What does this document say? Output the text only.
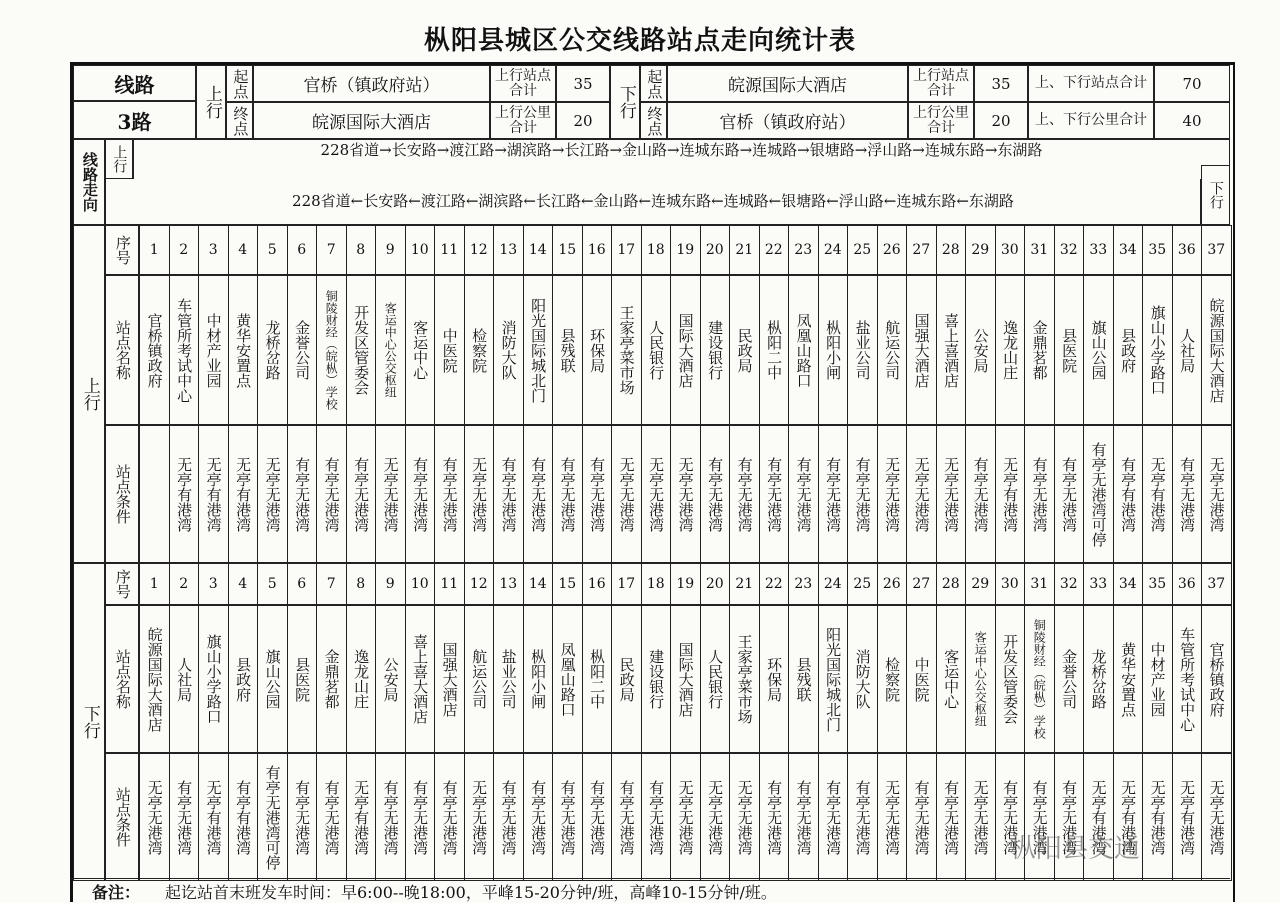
枞阳县城区公交线路站点走向统计表
线路
3路
上行
起点
终点
官桥（镇政府站）
皖源国际大酒店
上行站点合计
上行公里合计
35
20
下行
起点
终点
皖源国际大酒店
官桥（镇政府站）
上行站点合计
上行公里合计
35
20
上、下行站点合计
上、下行公里合计
70
40
线路走向 上行	228省道→长安路→渡江路→湖滨路→长江路→金山路→连城东路→连城路→银塘路→浮山路→连城东路→东湖路
228省道←长安路←渡江路←湖滨路←长江路←金山路←连城东路←连城路←银塘路←浮山路←连城东路←东湖路	下行
上行
序号
站点名称
站点条件
1
官桥镇政府
2
车管所考试中心
无亭有港湾
3
中材产业园
无亭有港湾
4
黄华安置点
无亭有港湾
5
龙桥岔路
无亭无港湾
6
金誉公司
有亭无港湾
7
铜陵财经（皖枞）学校
有亭无港湾
8
开发区管委会
有亭无港湾
9
客运中心公交枢纽
无亭无港湾
10
客运中心
有亭无港湾
11
中医院
有亭无港湾
12
检察院
无亭无港湾
13
消防大队
有亭无港湾
14
阳光国际城北门
有亭无港湾
15
县残联
有亭无港湾
16
环保局
有亭无港湾
17
王家亭菜市场
无亭无港湾
18
人民银行
无亭无港湾
19
国际大酒店
无亭无港湾
20
建设银行
有亭无港湾
21
民政局
有亭无港湾
22
枞阳二中
有亭无港湾
23
凤凰山路口
有亭无港湾
24
枞阳小闸
有亭无港湾
25
盐业公司
有亭无港湾
26
航运公司
无亭无港湾
27
国强大酒店
无亭无港湾
28
喜上喜酒店
无亭无港湾
29
公安局
有亭无港湾
30
逸龙山庄
无亭有港湾
31
金鼎茗都
有亭无港湾
32
县医院
有亭无港湾
33
旗山公园
有亭无港湾可停
34
县政府
有亭有港湾
35
旗山小学路口
无亭有港湾
36
人社局
有亭无港湾
37
皖源国际大酒店
无亭无港湾
下行
序号
站点名称
站点条件
1
皖源国际大酒店
无亭无港湾
2
人社局
有亭无港湾
3
旗山小学路口
无亭有港湾
4
县政府
有亭有港湾
5
旗山公园
有亭无港湾可停
6
县医院
有亭无港湾
7
金鼎茗都
有亭无港湾
8
逸龙山庄
无亭有港湾
9
公安局
有亭无港湾
10
喜上喜大酒店
有亭无港湾
11
国强大酒店
有亭无港湾
12
航运公司
无亭无港湾
13
盐业公司
有亭无港湾
14
枞阳小闸
有亭无港湾
15
凤凰山路口
有亭无港湾
16
枞阳二中
有亭无港湾
17
民政局
有亭无港湾
18
建设银行
有亭无港湾
19
国际大酒店
无亭无港湾
20
人民银行
无亭无港湾
21
王家亭菜市场
无亭无港湾
22
环保局
有亭无港湾
23
县残联
有亭无港湾
24
阳光国际城北门
有亭无港湾
25
消防大队
有亭无港湾
26
检察院
无亭无港湾
27
中医院
有亭无港湾
28
客运中心
有亭无港湾
29
客运中心公交枢纽
无亭无港湾
30
开发区管委会
有亭无港湾
31
铜陵财经（皖枞）学校
有亭无港湾
32
金誉公司
有亭无港湾
33
龙桥岔路
无亭有港湾
34
黄华安置点
无亭有港湾
35
中材产业园
无亭有港湾
36
车管所考试中心
无亭有港湾
37
官桥镇政府
无亭无港湾
备注： 起讫站首末班发车时间：早6:00--晚18:00，平峰15-20分钟/班，高峰10-15分钟/班。
枞阳县交通
